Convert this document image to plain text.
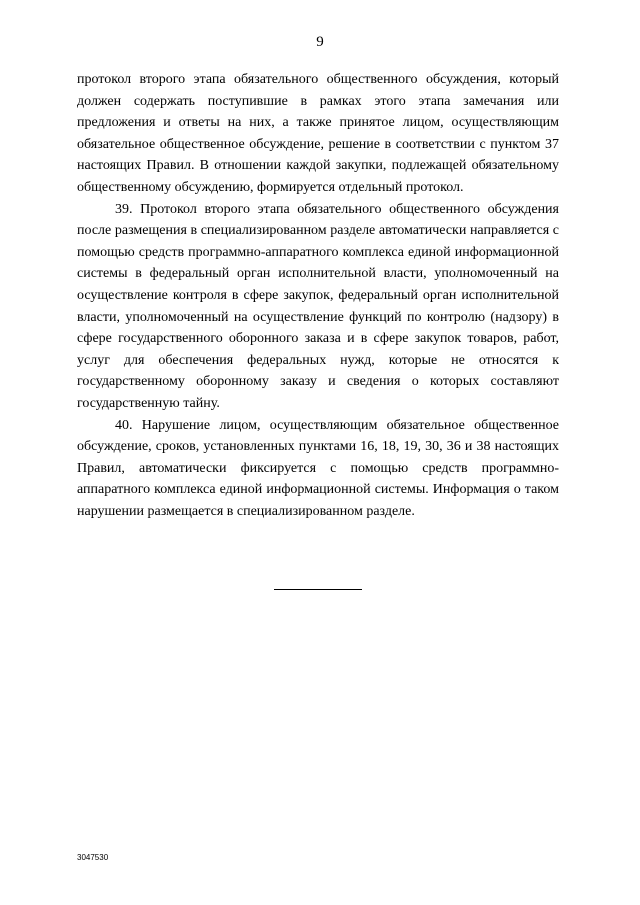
9

протокол второго этапа обязательного общественного обсуждения, который должен содержать поступившие в рамках этого этапа замечания или предложения и ответы на них, а также принятое лицом, осуществляющим обязательное общественное обсуждение, решение в соответствии с пунктом 37 настоящих Правил. В отношении каждой закупки, подлежащей обязательному общественному обсуждению, формируется отдельный протокол.

39. Протокол второго этапа обязательного общественного обсуждения после размещения в специализированном разделе автоматически направляется с помощью средств программно-аппаратного комплекса единой информационной системы в федеральный орган исполнительной власти, уполномоченный на осуществление контроля в сфере закупок, федеральный орган исполнительной власти, уполномоченный на осуществление функций по контролю (надзору) в сфере государственного оборонного заказа и в сфере закупок товаров, работ, услуг для обеспечения федеральных нужд, которые не относятся к государственному оборонному заказу и сведения о которых составляют государственную тайну.

40. Нарушение лицом, осуществляющим обязательное общественное обсуждение, сроков, установленных пунктами 16, 18, 19, 30, 36 и 38 настоящих Правил, автоматически фиксируется с помощью средств программно-аппаратного комплекса единой информационной системы. Информация о таком нарушении размещается в специализированном разделе.

3047530
